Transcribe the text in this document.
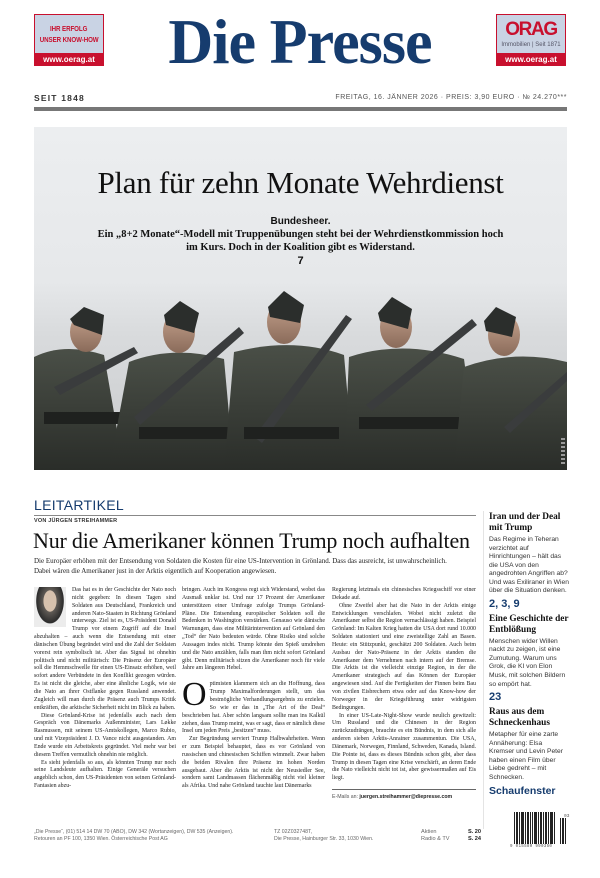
IHR ERFOLG
UNSER KNOW-HOW
www.oerag.at Die Presse	ORAG
Immobilien | Seit 1871
www.oerag.at
SEIT 1848	FREITAG, 16. JÄNNER 2026 · PREIS: 3,90 EURO · № 24.270***
Plan für zehn Monate Wehrdienst
Bundesheer.
Ein „8+2 Monate“-Modell mit Truppenübungen steht bei der Wehrdienstkommission hoch im Kurs. Doch in der Koalition gibt es Widerstand.
7
LEITARTIKEL
VON JÜRGEN STREIHAMMER
Nur die Amerikaner können Trump noch aufhalten
Die Europäer erhöhen mit der Entsendung von Soldaten die Kosten für eine US-Intervention in Grönland. Dass das ausreicht, ist unwahrscheinlich. Dabei wären die Amerikaner just in der Arktis eigentlich auf Kooperation angewiesen.

Das hat es in der Geschichte der Nato noch nicht gegeben: In diesen Tagen sind Soldaten aus Deutschland, Frankreich und anderen Nato-Staaten in Richtung Grönland unterwegs. Ziel ist es, US-Präsident Donald Trump vor einem Zugriff auf die Insel abzuhalten – auch wenn die Entsendung mit einer dänischen Übung begründet wird und die Zahl der Soldaten vorerst rein symbolisch ist. Aber das Signal ist ohnehin politisch und nicht militärisch: Die Präsenz der Europäer soll die Hemmschwelle für einen US-Einsatz erhöhen, weil sofort andere Verbündete in den Konflikt gezogen würden. Es ist nicht die gleiche, aber eine ähnliche Logik, wie sie die Nato an ihrer Ostflanke gegen Russland anwendet. Zugleich will man durch die Präsenz auch Trumps Kritik entkräften, die arktische Sicherheit nicht im Blick zu haben.

Diese Grönland-Krise ist jedenfalls auch nach dem Gespräch von Dänemarks Außenminister, Lars Løkke Rasmussen, mit seinem US-Amtskollegen, Marco Rubio, und mit Vizepräsident J. D. Vance nicht ausgestanden. Am Ende wurde ein Arbeitskreis gegründet. Viel mehr war bei diesem Treffen vermutlich ohnehin nie möglich.

Es sieht jedenfalls so aus, als könnten Trump nur noch seine Landsleute aufhalten. Einige Generäle versuchen angeblich schon, den US-Präsidenten von seinen Grönland-Fantasien abzu-

bringen. Auch im Kongress regt sich Widerstand, wobei das Ausmaß unklar ist. Und nur 17 Prozent der Amerikaner unterstützen einer Umfrage zufolge Trumps Grönland-Pläne. Die Entsendung europäischer Soldaten soll die Bedenken in Washington verstärken. Genauso wie dänische Warnungen, dass eine Militärintervention auf Grönland den „Tod“ der Nato bedeuten würde. Ohne Risiko sind solche Aussagen indes nicht. Trump könnte den Spieß umdrehen und die Nato anzählen, falls man ihm nicht sofort Grönland gibt. Denn militärisch sitzen die Amerikaner noch für viele Jahre am längeren Hebel.

O ptimisten klammern sich an die Hoffnung, dass Trump Maximalforderungen stellt, um das bestmögliche Verhandlungsergebnis zu erzielen. So wie er das in „The Art of the Deal“ beschrieben hat. Aber schön langsam sollte man ins Kalkül ziehen, dass Trump meint, was er sagt, dass er nämlich diese Insel um jeden Preis „besitzen“ muss.

Zur Begründung serviert Trump Halbwahrheiten. Wenn er zum Beispiel behauptet, dass es vor Grönland von russischen und chinesischen Schiffen wimmelt. Zwar haben die beiden Rivalen ihre Präsenz im hohen Norden ausgebaut. Aber die Arktis ist nicht der Neusiedler See, sondern samt Landmassen flächenmäßig nicht viel kleiner als Afrika. Und nahe Grönland tauchte laut Dänemarks

Regierung letztmals ein chinesisches Kriegsschiff vor einer Dekade auf.

Ohne Zweifel aber hat die Nato in der Arktis einige Entwicklungen verschlafen. Wobei nicht zuletzt die Amerikaner selbst die Region vernachlässigt haben. Beispiel Grönland: Im Kalten Krieg hatten die USA dort rund 10.000 Soldaten stationiert und eine zweistellige Zahl an Basen. Heute: ein Stützpunkt, geschätzt 200 Soldaten. Auch beim Ausbau der Nato-Präsenz in der Arktis standen die Amerikaner dem Vernehmen nach intern auf der Bremse. Die Arktis ist die vielleicht einzige Region, in der die Amerikaner strategisch auf das Können der Europäer angewiesen sind. Auf die Fertigkeiten der Finnen beim Bau von zivilen Eisbrechern etwa oder auf das Know-how der Norweger in der Kriegsführung unter widrigsten Bedingungen.

In einer US-Late-Night-Show wurde neulich gewitzelt: Um Russland und die Chinesen in der Region zurückzudrängen, brauchte es ein Bündnis, in dem sich alle anderen sieben Arktis-Anrainer zusammentun. Die USA, Dänemark, Norwegen, Finnland, Schweden, Kanada, Island. Die Pointe ist, dass es dieses Bündnis schon gibt, aber dass Trump in diesen Tagen eine Krise verschärft, an deren Ende die Nato vielleicht nicht tot ist, aber gewissermaßen auf Eis liegt.

E-Mails an: juergen.streihammer@diepresse.com
Iran und der Deal mit Trump
Das Regime in Teheran verzichtet auf Hinrichtungen – hält das die USA von den angedrohten Angriffen ab? Und was Exiliraner in Wien über die Situation denken.
2, 3, 9
Eine Geschichte der Entblößung
Menschen wider Willen nackt zu zeigen, ist eine Zumutung. Warum uns Grok, die KI von Elon Musk, mit solchen Bildern so empört hat.
23
Raus aus dem Schneckenhaus
Metapher für eine zarte Annäherung: Elsa Kremser und Levin Peter haben einen Film über Liebe gedreht – mit Schnecken.
Schaufenster
„Die Presse“, (01) 514 14 DW 70 (ABO), DW 342 (Wortanzeigen), DW 535 (Anzeigen).
Retouren an PF 100, 1350 Wien. Österreichische Post AG
TZ 02Z032748T,
Die Presse, Hainburger Str. 33, 1030 Wien.
Aktien	S. 20
Radio & TV	S. 24
03
9 015580 990350
